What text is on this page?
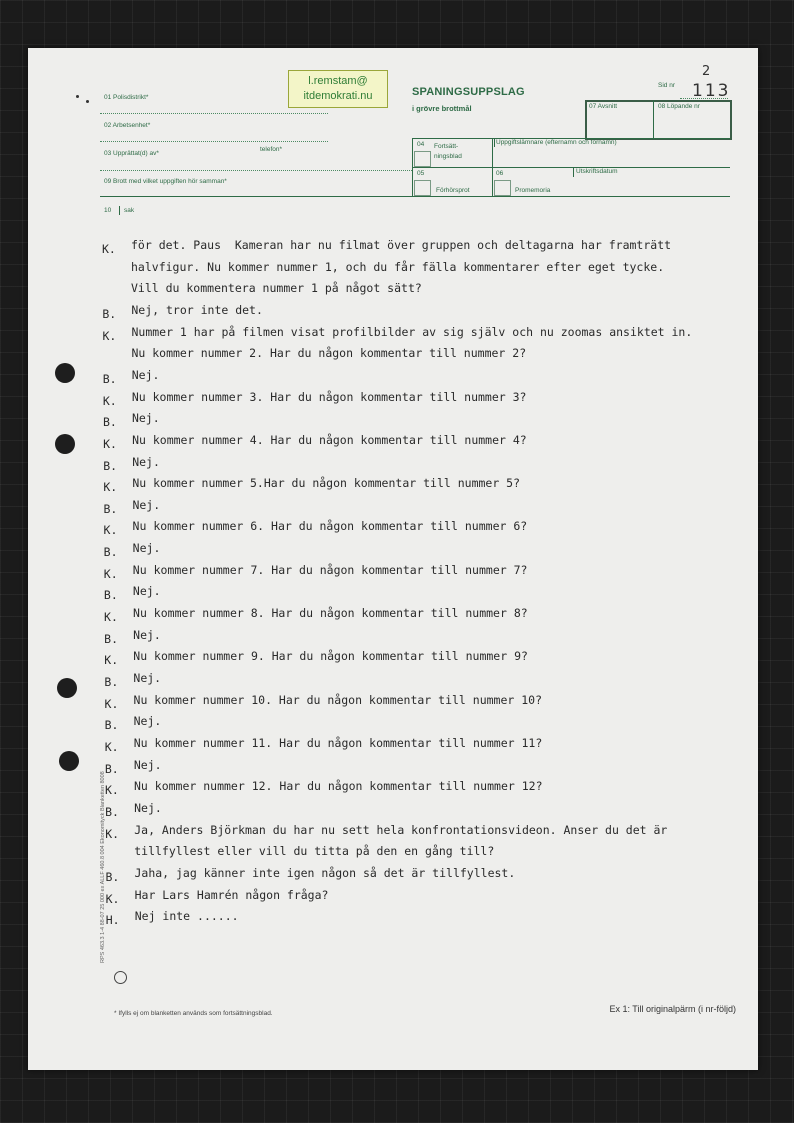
01 Polisdistrikt*
02 Arbetsenhet*
03 Upprättat(d) av*
telefon*
09 Brott med vilket uppgiften hör samman*
10 sak
l.remstam@
itdemokrati.nu	SPANINGSUPPSLAG
i grövre brottmål
2
Sid nr 113
07 Avsnitt	08 Löpande nr
04 Fortsätt-
ningsblad
Uppgiftslämnare (efternamn och förnamn)
05
Förhörsprot
06
Promemoria
Utskriftsdatum
K. för det. Paus  Kameran har nu filmat över gruppen och deltagarna har framträtt
halvfigur. Nu kommer nummer 1, och du får fälla kommentarer efter eget tycke.
Vill du kommentera nummer 1 på något sätt?
B. Nej, tror inte det.
K. Nummer 1 har på filmen visat profilbilder av sig själv och nu zoomas ansiktet in.
Nu kommer nummer 2. Har du någon kommentar till nummer 2?
B. Nej.
K. Nu kommer nummer 3. Har du någon kommentar till nummer 3?
B. Nej.
K. Nu kommer nummer 4. Har du någon kommentar till nummer 4?
B. Nej.
K. Nu kommer nummer 5.Har du någon kommentar till nummer 5?
B. Nej.
K. Nu kommer nummer 6. Har du någon kommentar till nummer 6?
B. Nej.
K. Nu kommer nummer 7. Har du någon kommentar till nummer 7?
B. Nej.
K. Nu kommer nummer 8. Har du någon kommentar till nummer 8?
B. Nej.
K. Nu kommer nummer 9. Har du någon kommentar till nummer 9?
B. Nej.
K. Nu kommer nummer 10. Har du någon kommentar till nummer 10?
B. Nej.
K. Nu kommer nummer 11. Har du någon kommentar till nummer 11?
B. Nej.
K. Nu kommer nummer 12. Har du någon kommentar till nummer 12?
B. Nej.
K. Ja, Anders Björkman du har nu sett hela konfrontationsvideon. Anser du det är
tillfyllest eller vill du titta på den en gång till?
B. Jaha, jag känner inte igen någon så det är tillfyllest.
K. Har Lars Hamrén någon fråga?
H. Nej inte ......
RPS 463.3 1-4 88-07 25 000 ex ALLF 460.8 004 Ekonomityck Blanketten 8008
* Ifylls ej om blanketten används som fortsättningsblad.	Ex 1: Till originalpärm (i nr-följd)
